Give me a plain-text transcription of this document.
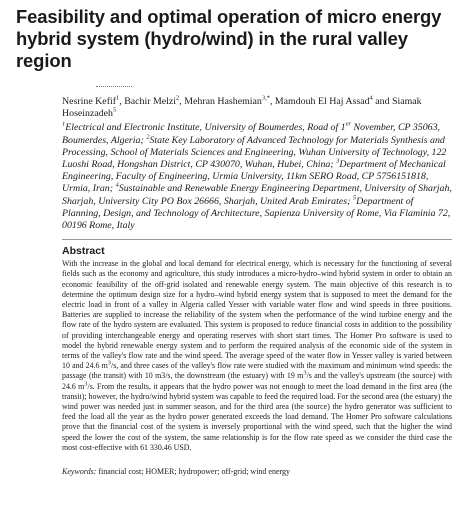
Feasibility and optimal operation of micro energy hybrid system (hydro/wind) in the rural valley region
Nesrine Kefif$^1$, Bachir Melzi$^2$, Mehran Hashemian$^{3,*}$, Mamdouh El Haj Assad$^4$ and Siamak Hoseinzadeh$^5$
$^1$Electrical and Electronic Institute, University of Boumerdes, Road of 1er November, CP 35063, Boumerdes, Algeria; $^2$State Key Laboratory of Advanced Technology for Materials Synthesis and Processing, School of Materials Sciences and Engineering, Wuhan University of Technology, 122 Luoshi Road, Hongshan District, CP 430070, Wuhan, Hubei, China; $^3$Department of Mechanical Engineering, Faculty of Engineering, Urmia University, 11km SERO Road, CP 5756151818, Urmia, Iran; $^4$Sustainable and Renewable Energy Engineering Department, University of Sharjah, Sharjah, University City PO Box 26666, Sharjah, United Arab Emirates; $^5$Department of Planning, Design, and Technology of Architecture, Sapienza University of Rome, Via Flaminia 72, 00196 Rome, Italy
Abstract
With the increase in the global and local demand for electrical energy, which is necessary for the functioning of several fields such as the economy and agriculture, this study introduces a micro-hydro–wind hybrid system in order to obtain an economic feasibility of the off-grid isolated and renewable energy system. The main objective of this research is to determine the optimum design size for a hydro–wind hybrid energy system that is supposed to meet the demand for the electric load in front of a valley in Algeria called Yesser with variable water flow and wind speeds in three positions. Batteries are supplied to increase the reliability of the system when the performance of the wind turbine energy and the flow rate of the hydro system are evaluated. This system is proposed to reduce financial costs in addition to the possibility of providing interchangeable energy and operating reserves with short start times. The Homer Pro software is used to model the hybrid renewable energy system and to perform the required analysis of the economic side of the system in terms of the valley's flow rate and the wind speed. The average speed of the water flow in Yesser valley is varied between 10 and 24.6 $m^3/s$, and three cases of the valley's flow rate were studied with the maximum and minimum wind speeds: the passage (the transit) with 10 m3/s, the downstream (the estuary) with 19 $m^3/s$ and the valley's upstream (the source) with 24.6 $m^3/s$. From the results, it appears that the hydro power was not enough to meet the load demand in the first area (the transit); however, the hydro/wind hybrid system was capable to feed the required load. For the second area (the estuary) the wind power was needed just in summer season, and for the third area (the source) the hydro generator was sufficient to feed the load all the year as the hydro power generated exceeds the load demand. The Homer Pro software calculations prove that the financial cost of the system is inversely proportional with the wind speed, such that the higher the wind speed the lower the cost of the system, the same relationship is for the flow rate speed as we consider the third case the most cost-effective with 61 330.46 USD.
Keywords: financial cost; HOMER; hydropower; off-grid; wind energy
